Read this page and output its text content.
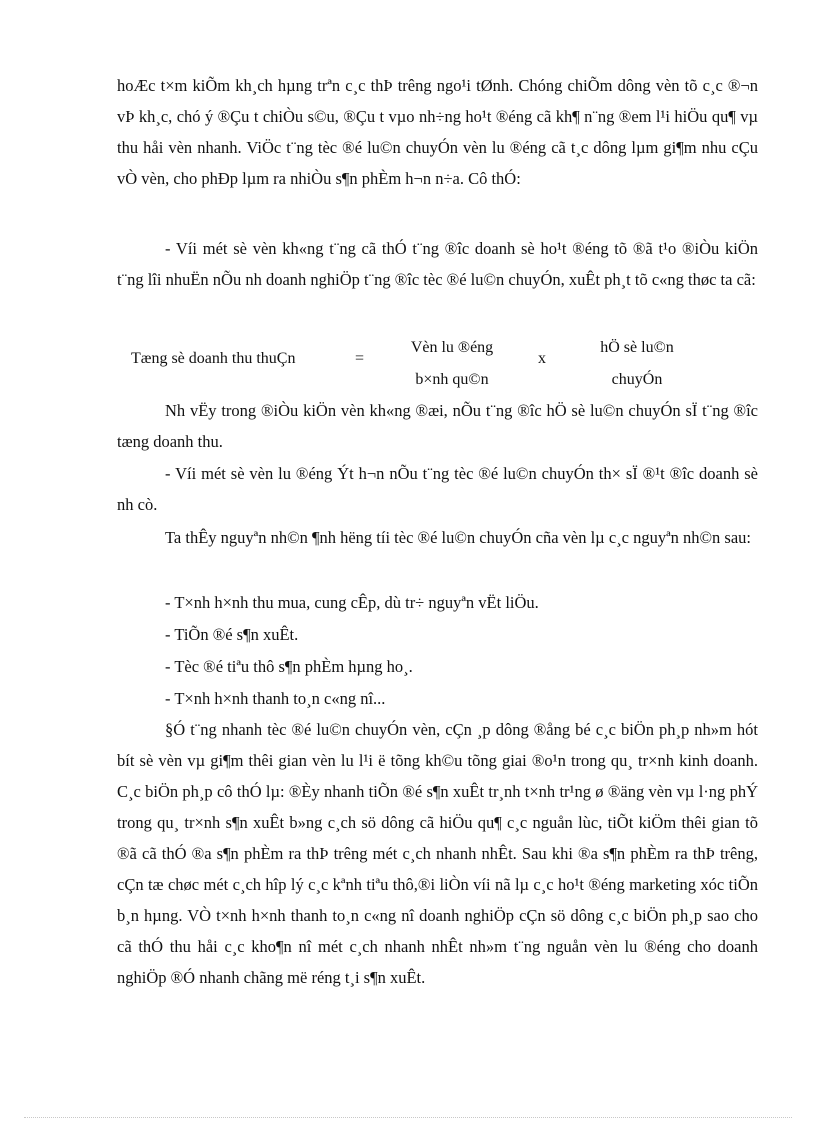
hoÆc t×m kiÕm kh¸ch hµng trªn c¸c thÞ trêng ngo¹i tØnh. Chóng chiÕm dông vèn tõ c¸c ®¬n vÞ kh¸c, chó ý ®Çu t chiÒu s©u, ®Çu t vµo nh÷ng ho¹t ®éng cã kh¶ n¨ng ®em l¹i hiÖu qu¶ vµ thu håi vèn nhanh. ViÖc t¨ng tèc ®é lu©n chuyÓn vèn lu ®éng cã t¸c dông lµm gi¶m nhu cÇu vÒ vèn, cho phÐp lµm ra nhiÒu s¶n phÈm h¬n n÷a. Cô thÓ:

- Víi mét sè vèn kh«ng t¨ng cã thÓ t¨ng ®îc doanh sè ho¹t ®éng tõ ®ã t¹o ®iÒu kiÖn t¨ng lîi nhuËn nÕu nh doanh nghiÖp t¨ng ®îc tèc ®é lu©n chuyÓn, xuÊt ph¸t tõ c«ng thøc ta cã:

Tæng sè doanh thu thuÇn	=
Vèn lu ®éng
b×nh qu©n
x
hÖ sè lu©n
chuyÓn

Nh vËy trong ®iÒu kiÖn vèn kh«ng ®æi, nÕu t¨ng ®îc hÖ sè lu©n chuyÓn sÏ t¨ng ®îc tæng doanh thu.

- Víi mét sè vèn lu ®éng Ýt h¬n nÕu t¨ng tèc ®é lu©n chuyÓn th× sÏ ®¹t ®îc doanh sè nh cò.

Ta thÊy nguyªn nh©n ¶nh hëng tíi tèc ®é lu©n chuyÓn cña vèn lµ c¸c nguyªn nh©n sau:

- T×nh h×nh thu mua, cung cÊp, dù tr÷ nguyªn vËt liÖu.

- TiÕn ®é s¶n xuÊt.

- Tèc ®é tiªu thô s¶n phÈm hµng ho¸.

- T×nh h×nh thanh to¸n c«ng nî...

§Ó t¨ng nhanh tèc ®é lu©n chuyÓn vèn, cÇn ¸p dông ®ång bé c¸c biÖn ph¸p nh»m hót bít sè vèn vµ gi¶m thêi gian vèn lu l¹i ë tõng kh©u tõng giai ®o¹n trong qu¸ tr×nh kinh doanh. C¸c biÖn ph¸p cô thÓ lµ: ®Èy nhanh tiÕn ®é s¶n xuÊt tr¸nh t×nh tr¹ng ø ®äng vèn vµ l·ng phÝ trong qu¸ tr×nh s¶n xuÊt b»ng c¸ch sö dông cã hiÖu qu¶ c¸c nguån lùc, tiÕt kiÖm thêi gian tõ ®ã cã thÓ ®a s¶n phÈm ra thÞ trêng mét c¸ch nhanh nhÊt. Sau khi ®a s¶n phÈm ra thÞ trêng, cÇn tæ chøc mét c¸ch hîp lý c¸c kªnh tiªu thô,®i liÒn víi nã lµ c¸c ho¹t ®éng marketing xóc tiÕn b¸n hµng. VÒ t×nh h×nh thanh to¸n c«ng nî doanh nghiÖp cÇn sö dông c¸c biÖn ph¸p sao cho cã thÓ thu håi c¸c kho¶n nî mét c¸ch nhanh nhÊt nh»m t¨ng nguån vèn lu ®éng cho doanh nghiÖp ®Ó nhanh chãng më réng t¸i s¶n xuÊt.
